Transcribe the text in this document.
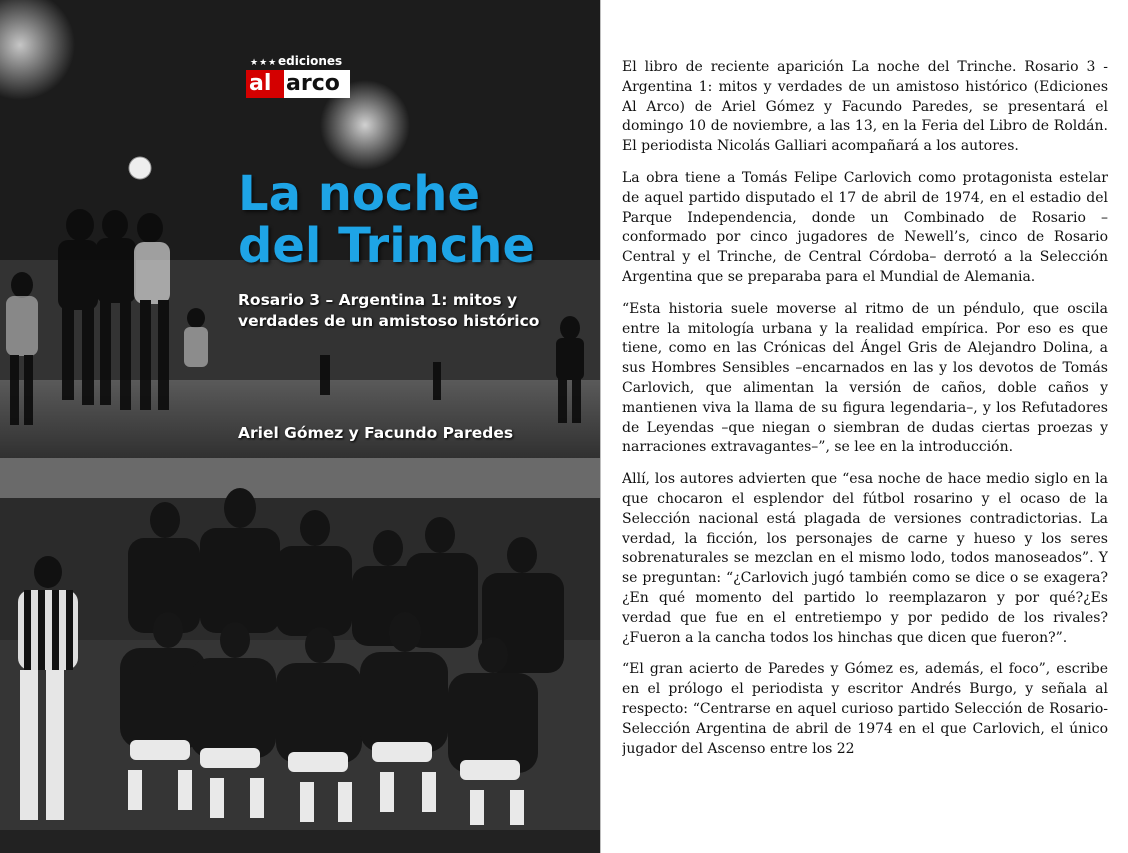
★★★ ediciones
al arco
La noche
del Trinche

Rosario 3 – Argentina 1: mitos y verdades de un amistoso histórico

Ariel Gómez y Facundo Paredes

El libro de reciente aparición La noche del Trinche. Rosario 3 - Argentina 1: mitos y verdades de un amistoso histórico (Ediciones Al Arco) de Ariel Gómez y Facundo Paredes, se presentará el domingo 10 de noviembre, a las 13, en la Feria del Libro de Roldán. El periodista Nicolás Galliari acompañará a los autores.

La obra tiene a Tomás Felipe Carlovich como protagonista estelar de aquel partido disputado el 17 de abril de 1974, en el estadio del Parque Independencia, donde un Combinado de Rosario –conformado por cinco jugadores de Newell’s, cinco de Rosario Central y el Trinche, de Central Córdoba– derrotó a la Selección Argentina que se preparaba para el Mundial de Alemania.

“Esta historia suele moverse al ritmo de un péndulo, que oscila entre la mitología urbana y la realidad empírica. Por eso es que tiene, como en las Crónicas del Ángel Gris de Alejandro Dolina, a sus Hombres Sensibles –encarnados en las y los devotos de Tomás Carlovich, que alimentan la versión de caños, doble caños y mantienen viva la llama de su figura legendaria–, y los Refutadores de Leyendas –que niegan o siembran de dudas ciertas proezas y narraciones extravagantes–”, se lee en la introducción.

Allí, los autores advierten que “esa noche de hace medio siglo en la que chocaron el esplendor del fútbol rosarino y el ocaso de la Selección nacional está plagada de versiones contradictorias. La verdad, la ficción, los personajes de carne y hueso y los seres sobrenaturales se mezclan en el mismo lodo, todos manoseados”. Y se preguntan: “¿Carlovich jugó también como se dice o se exagera?¿En qué momento del partido lo reemplazaron y por qué?¿Es verdad que fue en el entretiempo y por pedido de los rivales?¿Fueron a la cancha todos los hinchas que dicen que fueron?”.

“El gran acierto de Paredes y Gómez es, además, el foco”, escribe en el prólogo el periodista y escritor Andrés Burgo, y señala al respecto: “Centrarse en aquel curioso partido Selección de Rosario-Selección Argentina de abril de 1974 en el que Carlovich, el único jugador del Ascenso entre los 22
